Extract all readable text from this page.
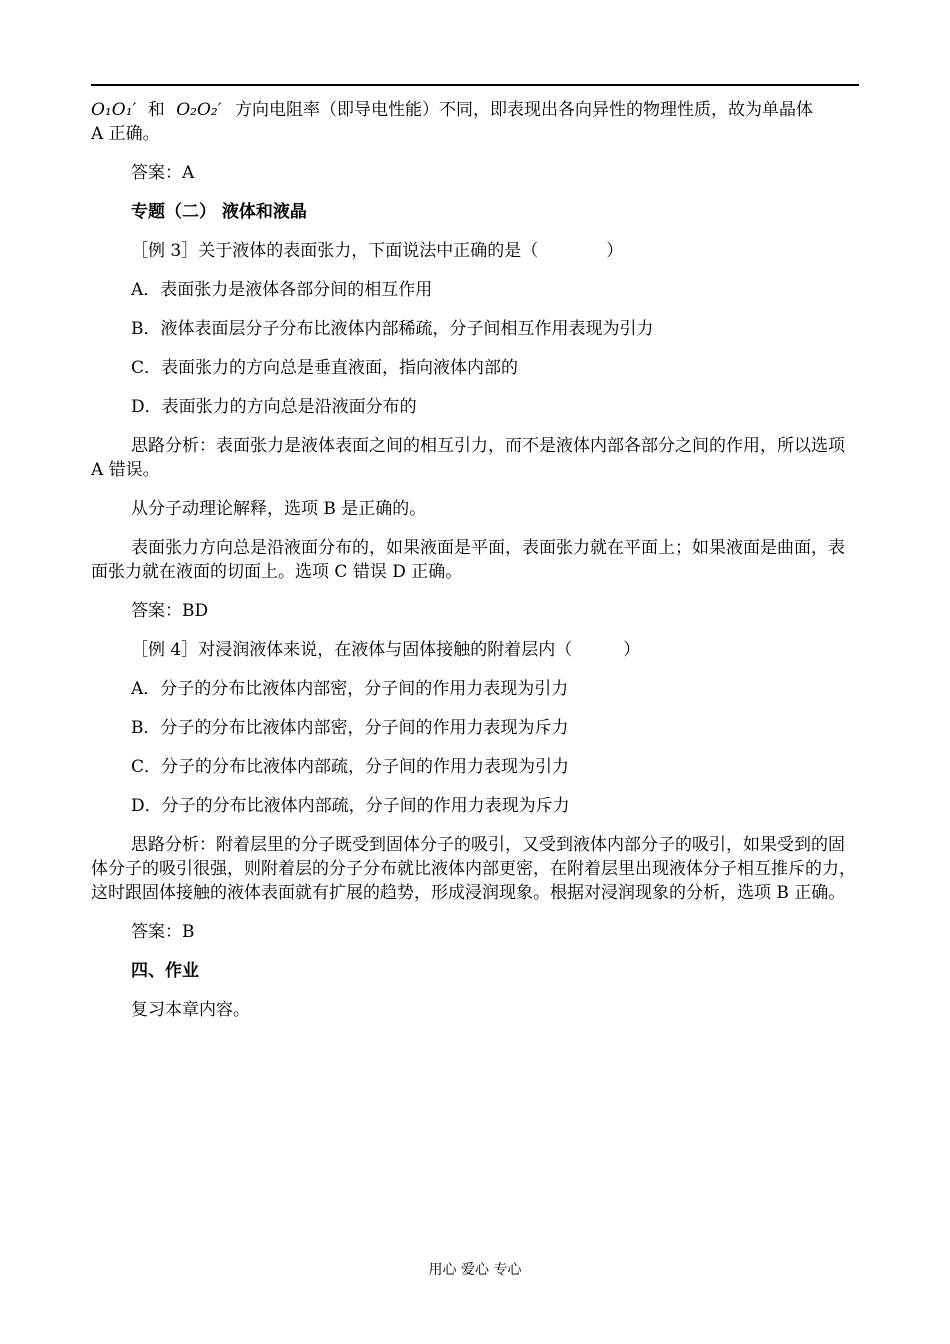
O₁O₁′ 和 O₂O₂′ 方向电阻率（即导电性能）不同，即表现出各向异性的物理性质，故为单晶体

A 正确。

答案：A

专题（二） 液体和液晶

［例 3］关于液体的表面张力，下面说法中正确的是（　　　　）

A．表面张力是液体各部分间的相互作用

B．液体表面层分子分布比液体内部稀疏，分子间相互作用表现为引力

C．表面张力的方向总是垂直液面，指向液体内部的

D．表面张力的方向总是沿液面分布的

思路分析：表面张力是液体表面之间的相互引力，而不是液体内部各部分之间的作用，所以选项 A 错误。

从分子动理论解释，选项 B 是正确的。

表面张力方向总是沿液面分布的，如果液面是平面，表面张力就在平面上；如果液面是曲面，表面张力就在液面的切面上。选项 C 错误 D 正确。

答案：BD

［例 4］对浸润液体来说，在液体与固体接触的附着层内（　　　）

A．分子的分布比液体内部密，分子间的作用力表现为引力

B．分子的分布比液体内部密，分子间的作用力表现为斥力

C．分子的分布比液体内部疏，分子间的作用力表现为引力

D．分子的分布比液体内部疏，分子间的作用力表现为斥力

思路分析：附着层里的分子既受到固体分子的吸引，又受到液体内部分子的吸引，如果受到的固体分子的吸引很强，则附着层的分子分布就比液体内部更密，在附着层里出现液体分子相互推斥的力，这时跟固体接触的液体表面就有扩展的趋势，形成浸润现象。根据对浸润现象的分析，选项 B 正确。

答案：B

四、作业

复习本章内容。

用心 爱心 专心
